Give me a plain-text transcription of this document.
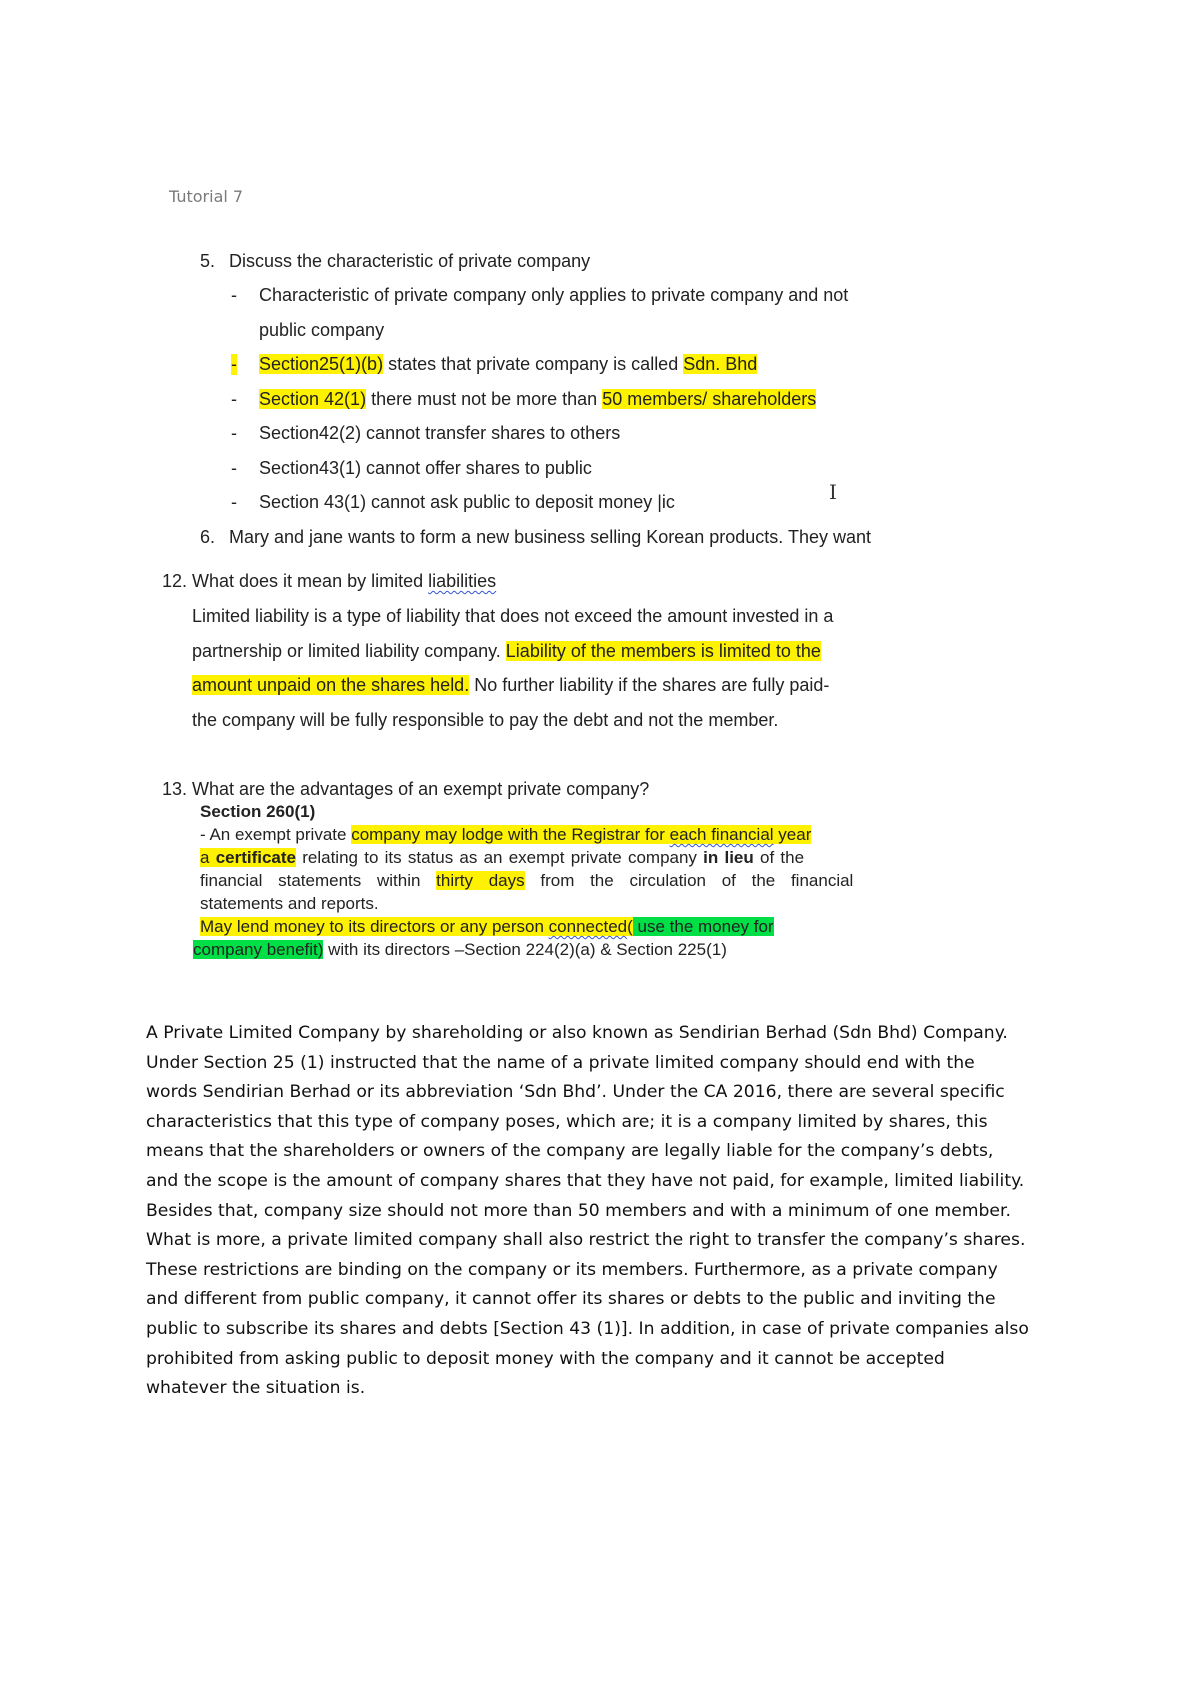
Tutorial 7
5. Discuss the characteristic of private company
- Characteristic of private company only applies to private company and not
public company
- Section25(1)(b) states that private company is called Sdn. Bhd
- Section 42(1) there must not be more than 50 members/ shareholders
- Section42(2) cannot transfer shares to others
- Section43(1) cannot offer shares to public
- Section 43(1) cannot ask public to deposit money |ic	I
6. Mary and jane wants to form a new business selling Korean products. They want
12. What does it mean by limited liabilities
Limited liability is a type of liability that does not exceed the amount invested in a
partnership or limited liability company. Liability of the members is limited to the
amount unpaid on the shares held. No further liability if the shares are fully paid-
the company will be fully responsible to pay the debt and not the member.
13. What are the advantages of an exempt private company?
Section 260(1)
- An exempt private company may lodge with the Registrar for each financial year
a certificate relating to its status as an exempt private company in lieu of the
financial statements within thirty days from the circulation of the financial
statements and reports.
May lend money to its directors or any person connected( use the money for
company benefit) with its directors –Section 224(2)(a) & Section 225(1)
A Private Limited Company by shareholding or also known as Sendirian Berhad (Sdn Bhd) Company.
Under Section 25 (1) instructed that the name of a private limited company should end with the
words Sendirian Berhad or its abbreviation ‘Sdn Bhd’. Under the CA 2016, there are several specific
characteristics that this type of company poses, which are; it is a company limited by shares, this
means that the shareholders or owners of the company are legally liable for the company’s debts,
and the scope is the amount of company shares that they have not paid, for example, limited liability.
Besides that, company size should not more than 50 members and with a minimum of one member.
What is more, a private limited company shall also restrict the right to transfer the company’s shares.
These restrictions are binding on the company or its members. Furthermore, as a private company
and different from public company, it cannot offer its shares or debts to the public and inviting the
public to subscribe its shares and debts [Section 43 (1)]. In addition, in case of private companies also
prohibited from asking public to deposit money with the company and it cannot be accepted
whatever the situation is.
